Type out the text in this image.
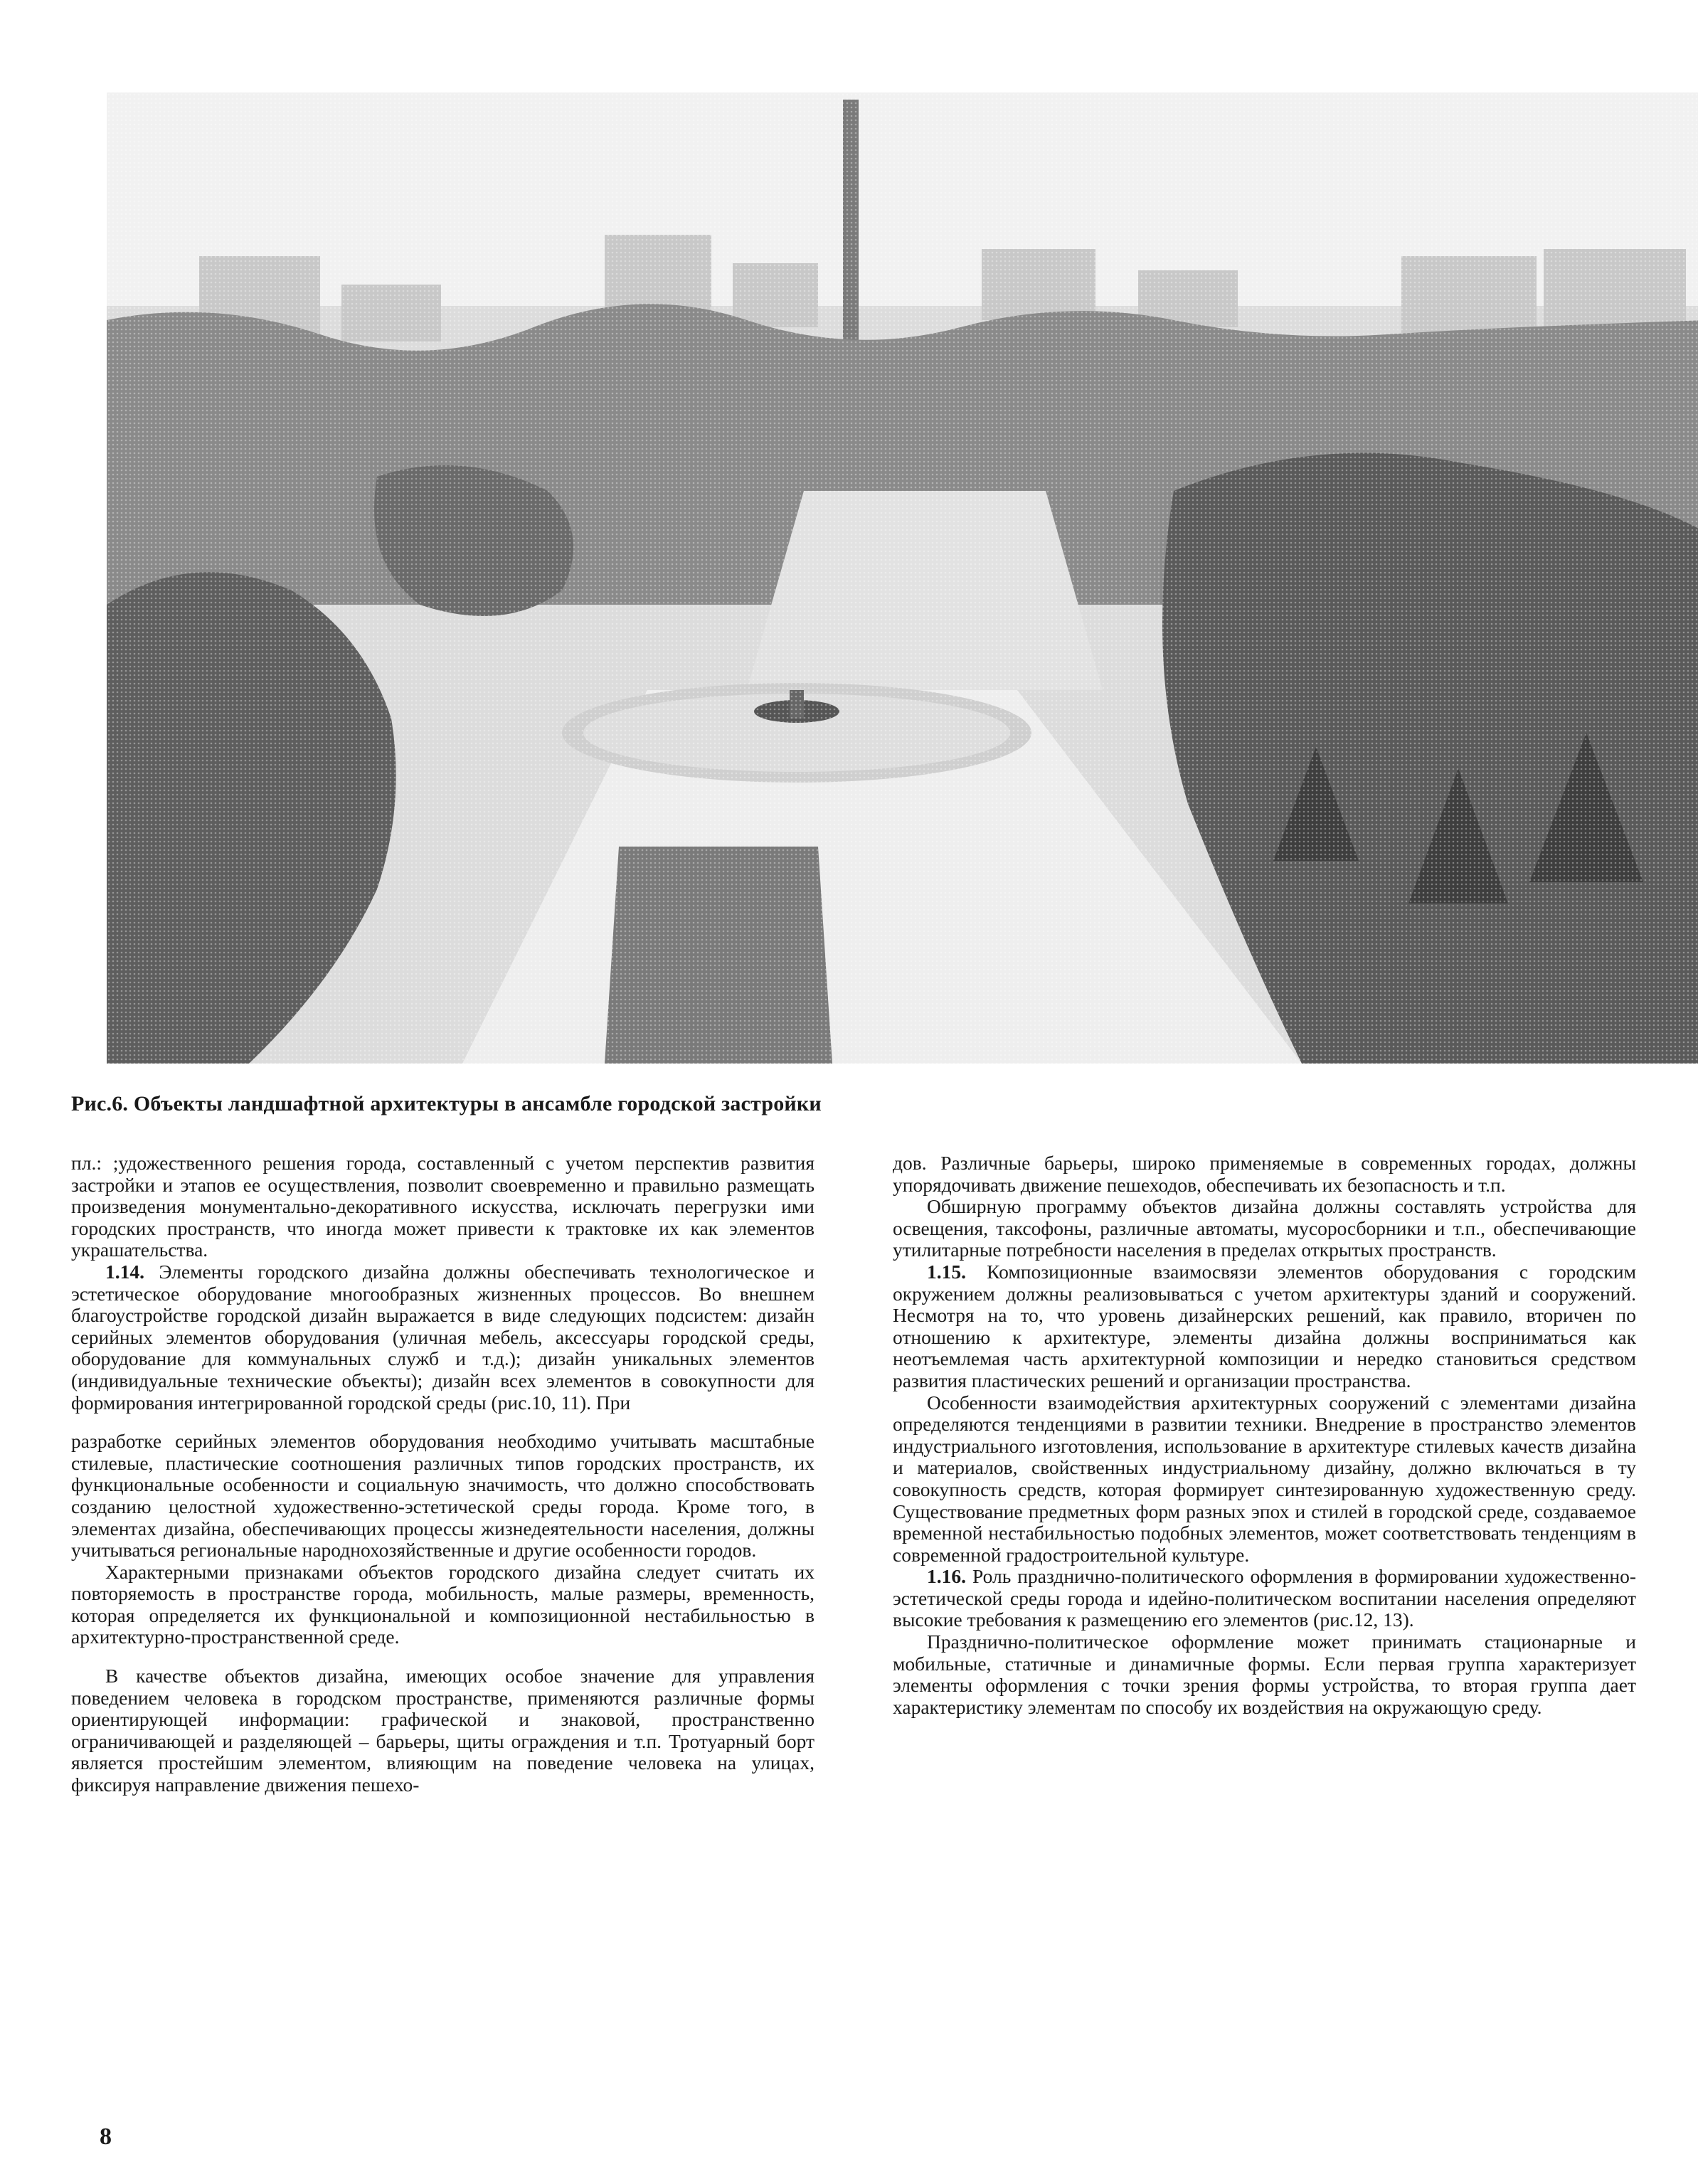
Рис.6. Объекты ландшафтной архитектуры в ансамбле городской застройки

пл.: ;удожественного решения города, составленный с учетом перспектив развития застройки и этапов ее осуществления, позволит своевременно и правильно размещать произведения монументально-декоративного искусства, исключать перегрузки ими городских пространств, что иногда может привести к трактовке их как элементов украшательства.

1.14. Элементы городского дизайна должны обеспечивать технологическое и эстетическое оборудование многообразных жизненных процессов. Во внешнем благоустройстве городской дизайн выражается в виде следующих подсистем: дизайн серийных элементов оборудования (уличная мебель, аксессуары городской среды, оборудование для коммунальных служб и т.д.); дизайн уникальных элементов (индивидуальные технические объекты); дизайн всех элементов в совокупности для формирования интегрированной городской среды (рис.10, 11). При

разработке серийных элементов оборудования необходимо учитывать масштабные стилевые, пластические соотношения различных типов городских пространств, их функциональные особенности и социальную значимость, что должно способствовать созданию целостной художественно-эстетической среды города. Кроме того, в элементах дизайна, обеспечивающих процессы жизнедеятельности населения, должны учитываться региональные народнохозяйственные и другие особенности городов.

Характерными признаками объектов городского дизайна следует считать их повторяемость в пространстве города, мобильность, малые размеры, временность, которая определяется их функциональной и композиционной нестабильностью в архитектурно-пространственной среде.

В качестве объектов дизайна, имеющих особое значение для управления поведением человека в городском пространстве, применяются различные формы ориентирующей информации: графической и знаковой, пространственно ограничивающей и разделяющей – барьеры, щиты ограждения и т.п. Тротуарный борт является простейшим элементом, влияющим на поведение человека на улицах, фиксируя направление движения пешехо-

дов. Различные барьеры, широко применяемые в современных городах, должны упорядочивать движение пешеходов, обеспечивать их безопасность и т.п.

Обширную программу объектов дизайна должны составлять устройства для освещения, таксофоны, различные автоматы, мусоросборники и т.п., обеспечивающие утилитарные потребности населения в пределах открытых пространств.

1.15. Композиционные взаимосвязи элементов оборудования с городским окружением должны реализовываться с учетом архитектуры зданий и сооружений. Несмотря на то, что уровень дизайнерских решений, как правило, вторичен по отношению к архитектуре, элементы дизайна должны восприниматься как неотъемлемая часть архитектурной композиции и нередко становиться средством развития пластических решений и организации пространства.

Особенности взаимодействия архитектурных сооружений с элементами дизайна определяются тенденциями в развитии техники. Внедрение в пространство элементов индустриального изготовления, использование в архитектуре стилевых качеств дизайна и материалов, свойственных индустриальному дизайну, должно включаться в ту совокупность средств, которая формирует синтезированную художественную среду. Существование предметных форм разных эпох и стилей в городской среде, создаваемое временной нестабильностью подобных элементов, может соответствовать тенденциям в современной градостроительной культуре.

1.16. Роль празднично-политического оформления в формировании художественно-эстетической среды города и идейно-политическом воспитании населения определяют высокие требования к размещению его элементов (рис.12, 13).

Празднично-политическое оформление может принимать стационарные и мобильные, статичные и динамичные формы. Если первая группа характеризует элементы оформления с точки зрения формы устройства, то вторая группа дает характеристику элементам по способу их воздействия на окружающую среду.

8
